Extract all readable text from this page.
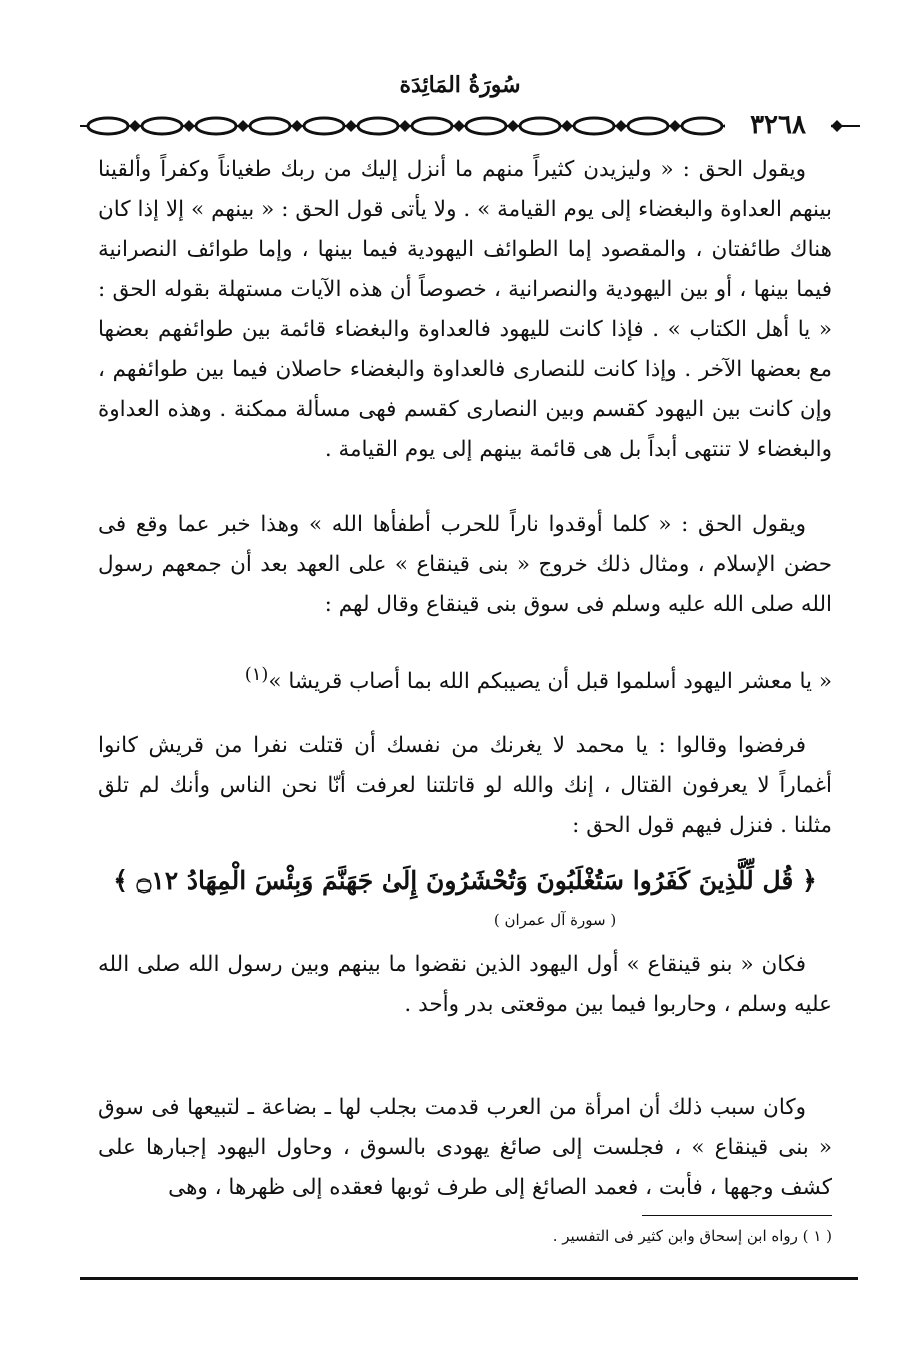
سُورَةُ المَائِدَة
٣٢٦٨

ويقول الحق : « وليزيدن كثيراً منهم ما أنزل إليك من ربك طغياناً وكفراً وألقينا بينهم العداوة والبغضاء إلى يوم القيامة » . ولا يأتى قول الحق : « بينهم » إلا إذا كان هناك طائفتان ، والمقصود إما الطوائف اليهودية فيما بينها ، وإما طوائف النصرانية فيما بينها ، أو بين اليهودية والنصرانية ، خصوصاً أن هذه الآيات مستهلة بقوله الحق : « يا أهل الكتاب » . فإذا كانت لليهود فالعداوة والبغضاء قائمة بين طوائفهم بعضها مع بعضها الآخر . وإذا كانت للنصارى فالعداوة والبغضاء حاصلان فيما بين طوائفهم ، وإن كانت بين اليهود كقسم وبين النصارى كقسم فهى مسألة ممكنة . وهذه العداوة والبغضاء لا تنتهى أبداً بل هى قائمة بينهم إلى يوم القيامة .

ويقول الحق : « كلما أوقدوا ناراً للحرب أطفأها الله » وهذا خبر عما وقع فى حضن الإسلام ، ومثال ذلك خروج « بنى قينقاع » على العهد بعد أن جمعهم رسول الله صلى الله عليه وسلم فى سوق بنى قينقاع وقال لهم :

« يا معشر اليهود أسلموا قبل أن يصيبكم الله بما أصاب قريشا »$^{(١)}$

فرفضوا وقالوا : يا محمد لا يغرنك من نفسك أن قتلت نفرا من قريش كانوا أغماراً لا يعرفون القتال ، إنك والله لو قاتلتنا لعرفت أنّا نحن الناس وأنك لم تلق مثلنا . فنزل فيهم قول الحق :

﴿ قُل لِّلَّذِينَ كَفَرُوا سَتُغْلَبُونَ وَتُحْشَرُونَ إِلَىٰ جَهَنَّمَ وَبِئْسَ الْمِهَادُ ۝١٢ ﴾
( سورة آل عمران )

فكان « بنو قينقاع » أول اليهود الذين نقضوا ما بينهم وبين رسول الله صلى الله عليه وسلم ، وحاربوا فيما بين موقعتى بدر وأحد .

وكان سبب ذلك أن امرأة من العرب قدمت بجلب لها ـ بضاعة ـ لتبيعها فى سوق « بنى قينقاع » ، فجلست إلى صائغ يهودى بالسوق ، وحاول اليهود إجبارها على كشف وجهها ، فأبت ، فعمد الصائغ إلى طرف ثوبها فعقده إلى ظهرها ، وهى

( ١ ) رواه ابن إسحاق وابن كثير فى التفسير .
